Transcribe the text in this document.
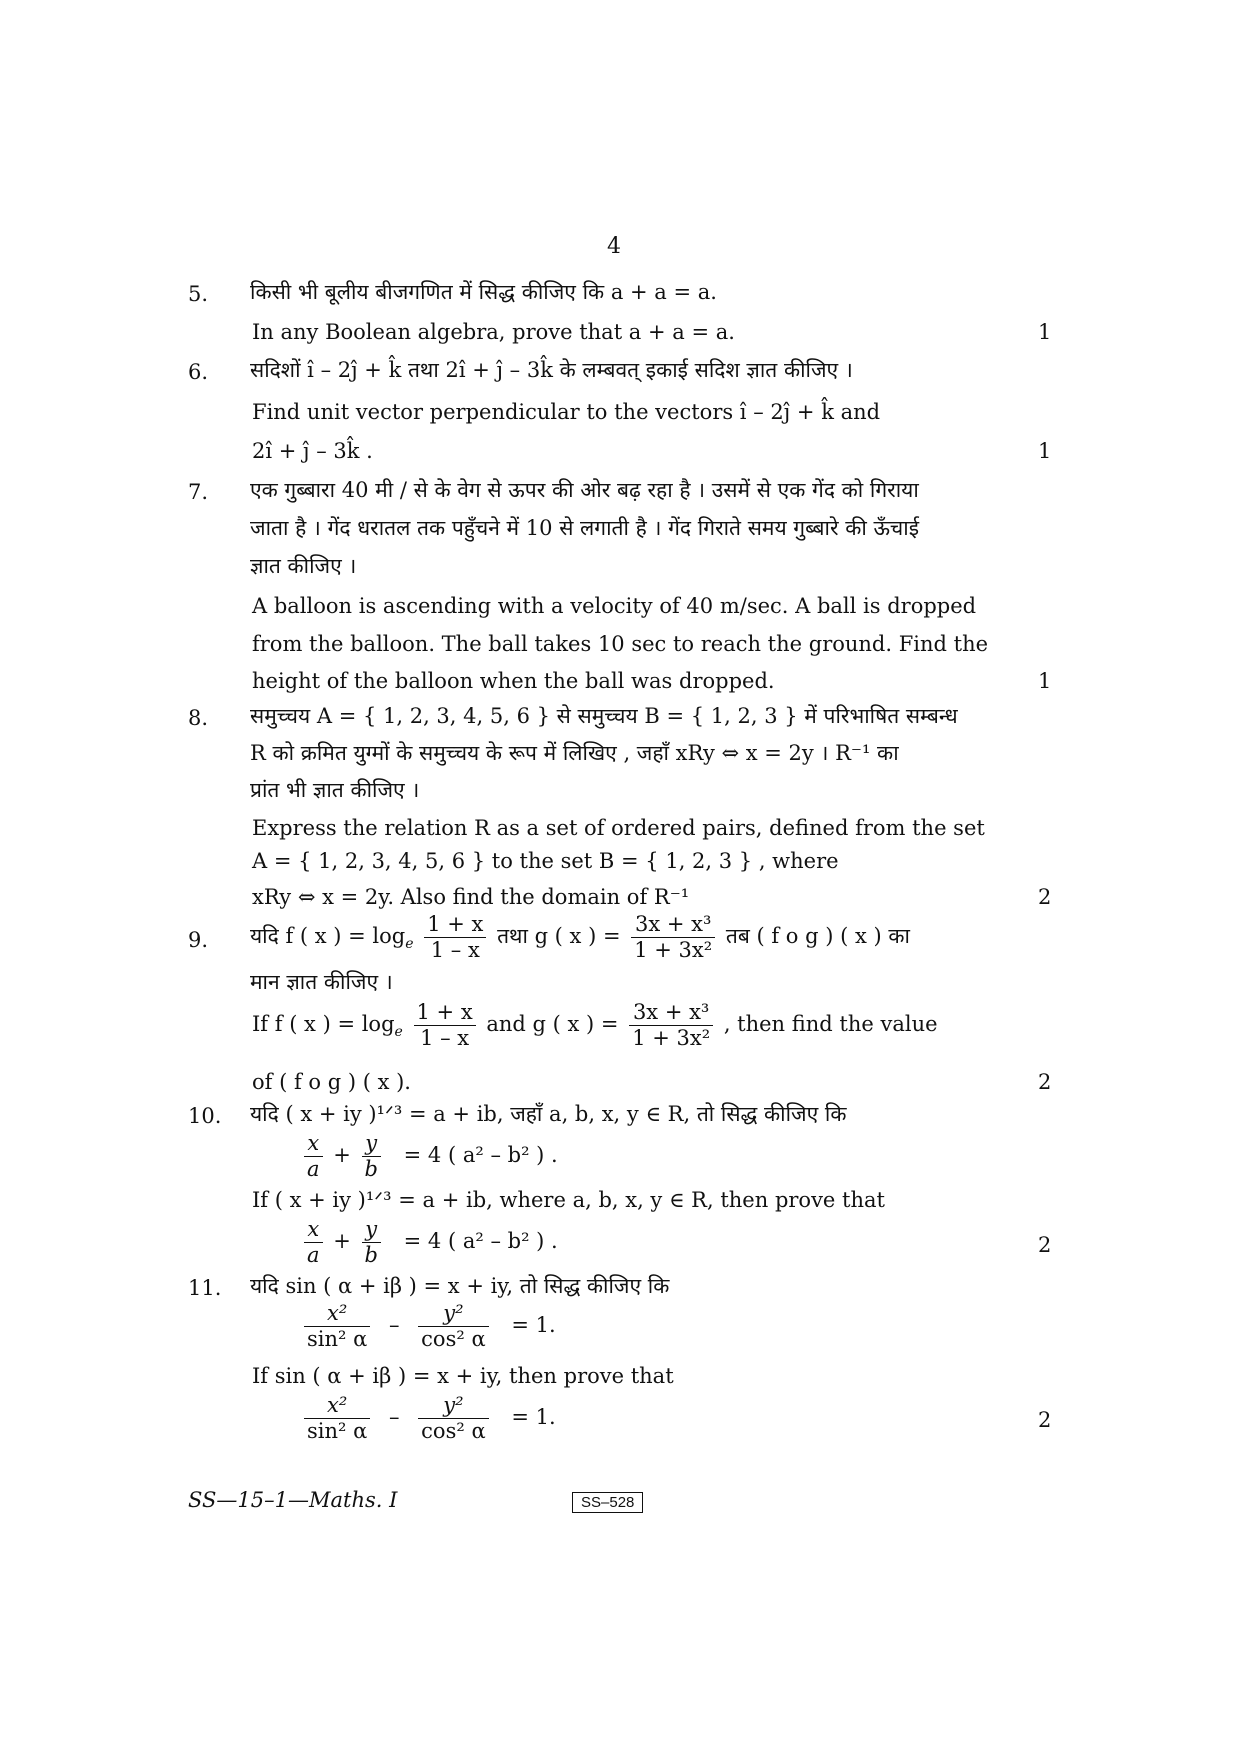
4
5. किसी भी बूलीय बीजगणित में सिद्ध कीजिए कि a + a = a.
In any Boolean algebra, prove that a + a = a.	1
6. सदिशों î – 2ĵ + k̂ तथा 2î + ĵ – 3k̂ के लम्बवत् इकाई सदिश ज्ञात कीजिए ।
Find unit vector perpendicular to the vectors î – 2ĵ + k̂ and
2î + ĵ – 3k̂ .	1
7. एक गुब्बारा 40 मी / से के वेग से ऊपर की ओर बढ़ रहा है । उसमें से एक गेंद को गिराया
जाता है । गेंद धरातल तक पहुँचने में 10 से लगाती है । गेंद गिराते समय गुब्बारे की ऊँचाई
ज्ञात कीजिए ।
A balloon is ascending with a velocity of 40 m/sec. A ball is dropped
from the balloon. The ball takes 10 sec to reach the ground. Find the
height of the balloon when the ball was dropped.	1
8. समुच्चय A = { 1, 2, 3, 4, 5, 6 } से समुच्चय B = { 1, 2, 3 } में परिभाषित सम्बन्ध
R को क्रमित युग्मों के समुच्चय के रूप में लिखिए , जहाँ xRy ⇔ x = 2y । R⁻¹ का
प्रांत भी ज्ञात कीजिए ।
Express the relation R as a set of ordered pairs, defined from the set
A = { 1, 2, 3, 4, 5, 6 } to the set B = { 1, 2, 3 } , where
xRy ⇔ x = 2y. Also find the domain of R⁻¹	2
9. यदि f ( x ) = $\log_e \frac{1 + x}{1 - x}$ तथा g ( x ) = $\frac{\text{3x + x³}}{\text{1 + 3x²}}$ तब ( f o g ) ( x ) का
मान ज्ञात कीजिए ।
If f ( x ) = $\log_e \frac{1 + x}{1 - x}$ and g ( x ) = $\frac{\text{3x + x³}}{\text{1 + 3x²}}$ , then find the value
of ( f o g ) ( x ).	2
10. यदि ( x + iy )¹ᐟ³ = a + ib, जहाँ a, b, x, y ∈ R, तो सिद्ध कीजिए कि
$\frac{x}{a} + \frac{y}{b} = 4$ ( a² – b² ) .
If ( x + iy )¹ᐟ³ = a + ib, where a, b, x, y ∈ R, then prove that
$\frac{x}{a} + \frac{y}{b} = 4$ ( a² – b² ) .	2
11. यदि sin ( α + iβ ) = x + iy, तो सिद्ध कीजिए कि
$\frac{\text{x²}}{\text{sin² α}} - \frac{\text{y²}}{\text{cos² α}} = 1$.
If sin ( α + iβ ) = x + iy, then prove that
$\frac{\text{x²}}{\text{sin² α}} - \frac{\text{y²}}{\text{cos² α}} = 1$.	2
SS—15–1—Maths. I	SS–528
